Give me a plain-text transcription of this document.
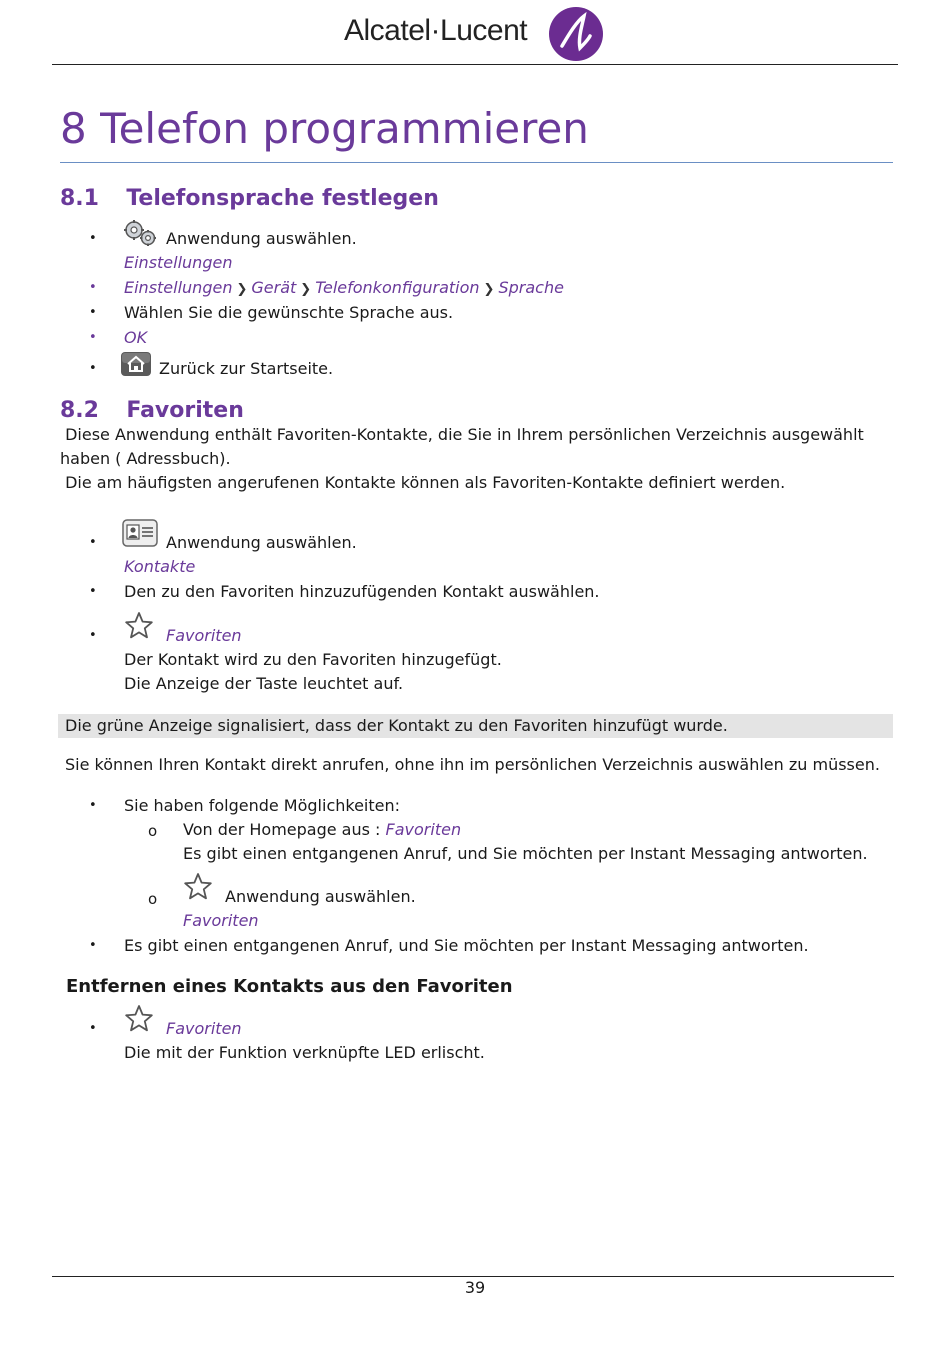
Alcatel·Lucent
8 Telefon programmieren
8.1 Telefonsprache festlegen
•	Anwendung auswählen.
Einstellungen
• Einstellungen ❯ Gerät ❯ Telefonkonfiguration ❯ Sprache
• Wählen Sie die gewünschte Sprache aus.
• OK
•	Zurück zur Startseite.
8.2 Favoriten
Diese Anwendung enthält Favoriten-Kontakte, die Sie in Ihrem persönlichen Verzeichnis ausgewählt
haben ( Adressbuch).
Die am häufigsten angerufenen Kontakte können als Favoriten-Kontakte definiert werden.
•	Anwendung auswählen.
Kontakte
• Den zu den Favoriten hinzuzufügenden Kontakt auswählen.
•	Favoriten
Der Kontakt wird zu den Favoriten hinzugefügt.
Die Anzeige der Taste leuchtet auf.
Die grüne Anzeige signalisiert, dass der Kontakt zu den Favoriten hinzufügt wurde.
Sie können Ihren Kontakt direkt anrufen, ohne ihn im persönlichen Verzeichnis auswählen zu müssen.
• Sie haben folgende Möglichkeiten:
o Von der Homepage aus : Favoriten
Es gibt einen entgangenen Anruf, und Sie möchten per Instant Messaging antworten.
o	Anwendung auswählen.
Favoriten
• Es gibt einen entgangenen Anruf, und Sie möchten per Instant Messaging antworten.
Entfernen eines Kontakts aus den Favoriten
•	Favoriten
Die mit der Funktion verknüpfte LED erlischt.
39
